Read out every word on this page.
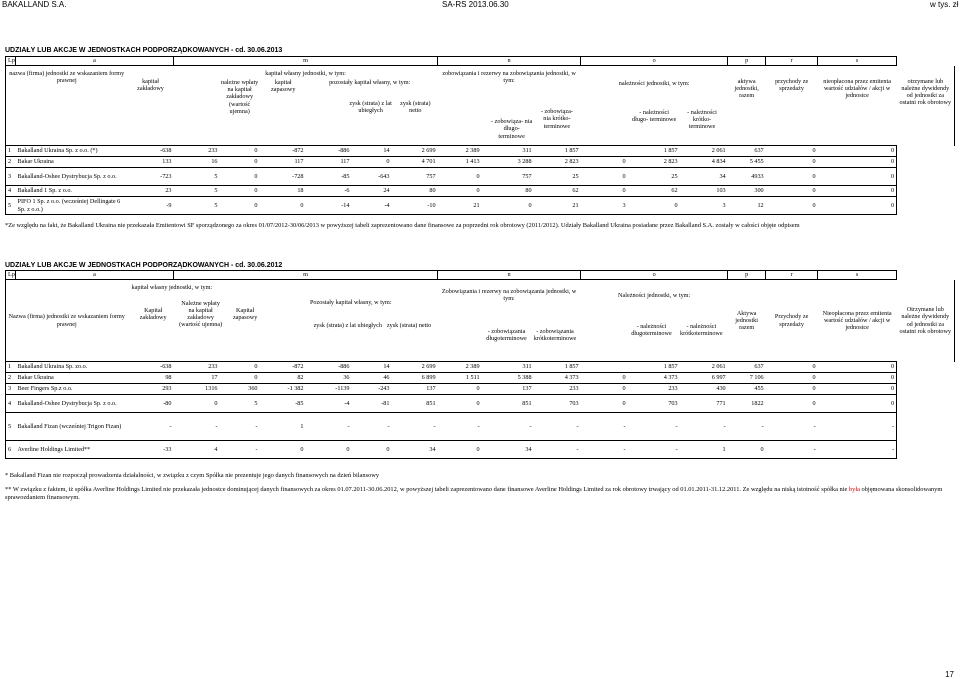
BAKALLAND S.A.	SA-RS 2013.06.30	w tys. zł
UDZIAŁY LUB AKCJE W JEDNOSTKACH PODPORZĄDKOWANYCH - cd. 30.06.2013
Lp.	a	m	n	o	p	r	s

nazwa (firma) jednostki ze wskazaniem formy prawnej	kapitał zakładowy	
kapitał własny jednostki, w tym:
	należne wpłaty na kapitał zakładowy (wartość ujemna)	kapitał zapasowy	
pozostały kapitał własny, w tym:
	zysk (strata) z lat ubiegłych	zysk (strata) netto

zobowiązania i rezerwy na zobowiązania jednostki, w tym:
	- zobowiąza- nia długo- terminowe	- zobowiąza- nia krótko- terminowe

należności jednostki, w tym:
	- należności długo- terminowe	- należności krótko- terminowe
	aktywa jednostki, razem	przychody ze sprzedaży	nieopłacona przez emitenta wartość udziałów / akcji w jednostce	otrzymane lub należne dywidendy od jednostki za ostatni rok obrotowy
1	Bakalland Ukraina Sp. z o.o. (*)	-638	233	0	-872	-886	14	2 699	2 389	311	1 857		1 857	2 061	637	0	0
2	Bakar Ukraina	133	16	0	117	117	0	4 701	1 413	3 288	2 823	0	2 823	4 834	5 455	0	0
3	Bakalland-Oshee Dystrybucja Sp. z o.o.	-723	5	0	-728	-85	-643	757	0	757	25	0	25	34	4933	0	0
4	Bakalland 1 Sp. z o.o.	23	5	0	18	-6	24	80	0	80	62	0	62	103	300	0	0
5	PIFO 1 Sp. z o.o. (wcześniej Dellingate 6 Sp. z o.o.)	-9	5	0	0	-14	-4	-10	21	0	21	3	0	3	12	0	0
*Ze względu na fakt, że Bakalland Ukraina nie przekazała Emitentowi SF sporządzonego za okres 01/07/2012-30/06/2013 w powyższej tabeli zaprezentowano dane finansowe za poprzedni rok obrotowy (2011/2012). Udziały Bakalland Ukraina posiadane przez Bakalland S.A. zostały w całości objęte odpisem
UDZIAŁY LUB AKCJE W JEDNOSTKACH PODPORZĄDKOWANYCH - cd. 30.06.2012
Lp.	a	m	n	o	p	r	s
Nazwa (firma) jednostki ze wskazaniem formy prawnej	
kapitał własny jednostki, w tym:
Kapitał zakładowy	Należne wpłaty na kapitał zakładowy (wartość ujemna)	Kapitał zapasowy	
Pozostały kapitał własny, w tym:
	zysk (strata) z lat ubiegłych	zysk (strata) netto

Zobowiązania i rezerwy na zobowiązania jednostki, w tym:
	- zobowiązania długoterminowe	- zobowiązania krótkoterminowe

Należności jednostki, w tym:
	- należności długoterminowe	- należności krótkoterminowe
	Aktywa jednostki razem	Przychody ze sprzedaży	Nieopłacona przez emitenta wartość udziałów / akcji w jednostce	Otrzymane lub należne dywidendy od jednostki za ostatni rok obrotowy
1	Bakalland Ukraina Sp. zo.o.	-638	233	0	-872	-886	14	2 699	2 389	311	1 857		1 857	2 061	637	0	0
2	Bakar Ukraina	98	17	0	82	36	46	6 899	1 511	5 388	4 373	0	4 373	6 997	7 106	0	0
3	Beer Fingers Sp.z o.o.	293	1316	360	-1 382	-1139	-243	137	0	137	233	0	233	430	455	0	0
4	Bakalland-Oshee Dystrybucja Sp. z o.o.	-80	0	5	-85	-4	-81	851	0	851	703	0	703	771	1822	0	0
5	Bakalland Fizan (wcześniej Trigon Fizan)	-	-	-	1	-	-	-	-	-	-	-	-	-	-	-	-
6	Averline Holdings Limited**	-33	4	-	0	0	0	34	0	34	-	-	-	1	0	-	-
* Bakalland Fizan nie rozpoczął prowadzenia działalności, w związku z czym Spółka nie prezentuje jego danych finansowych na dzień bilansowy
** W związku z faktem, iż spółka Averline Holdings Limited nie przekazała jednostce dominującej danych finansowych za okres 01.07.2011-30.06.2012, w powyższej tabeli zaprezentowano dane finansowe Averline Holdings Limited za rok obrotowy trwający od 01.01.2011-31.12.2011. Ze względu na niską istotność spółka nie była objęmowana skonsolidowanym sprawozdaniem finansowym.
17
